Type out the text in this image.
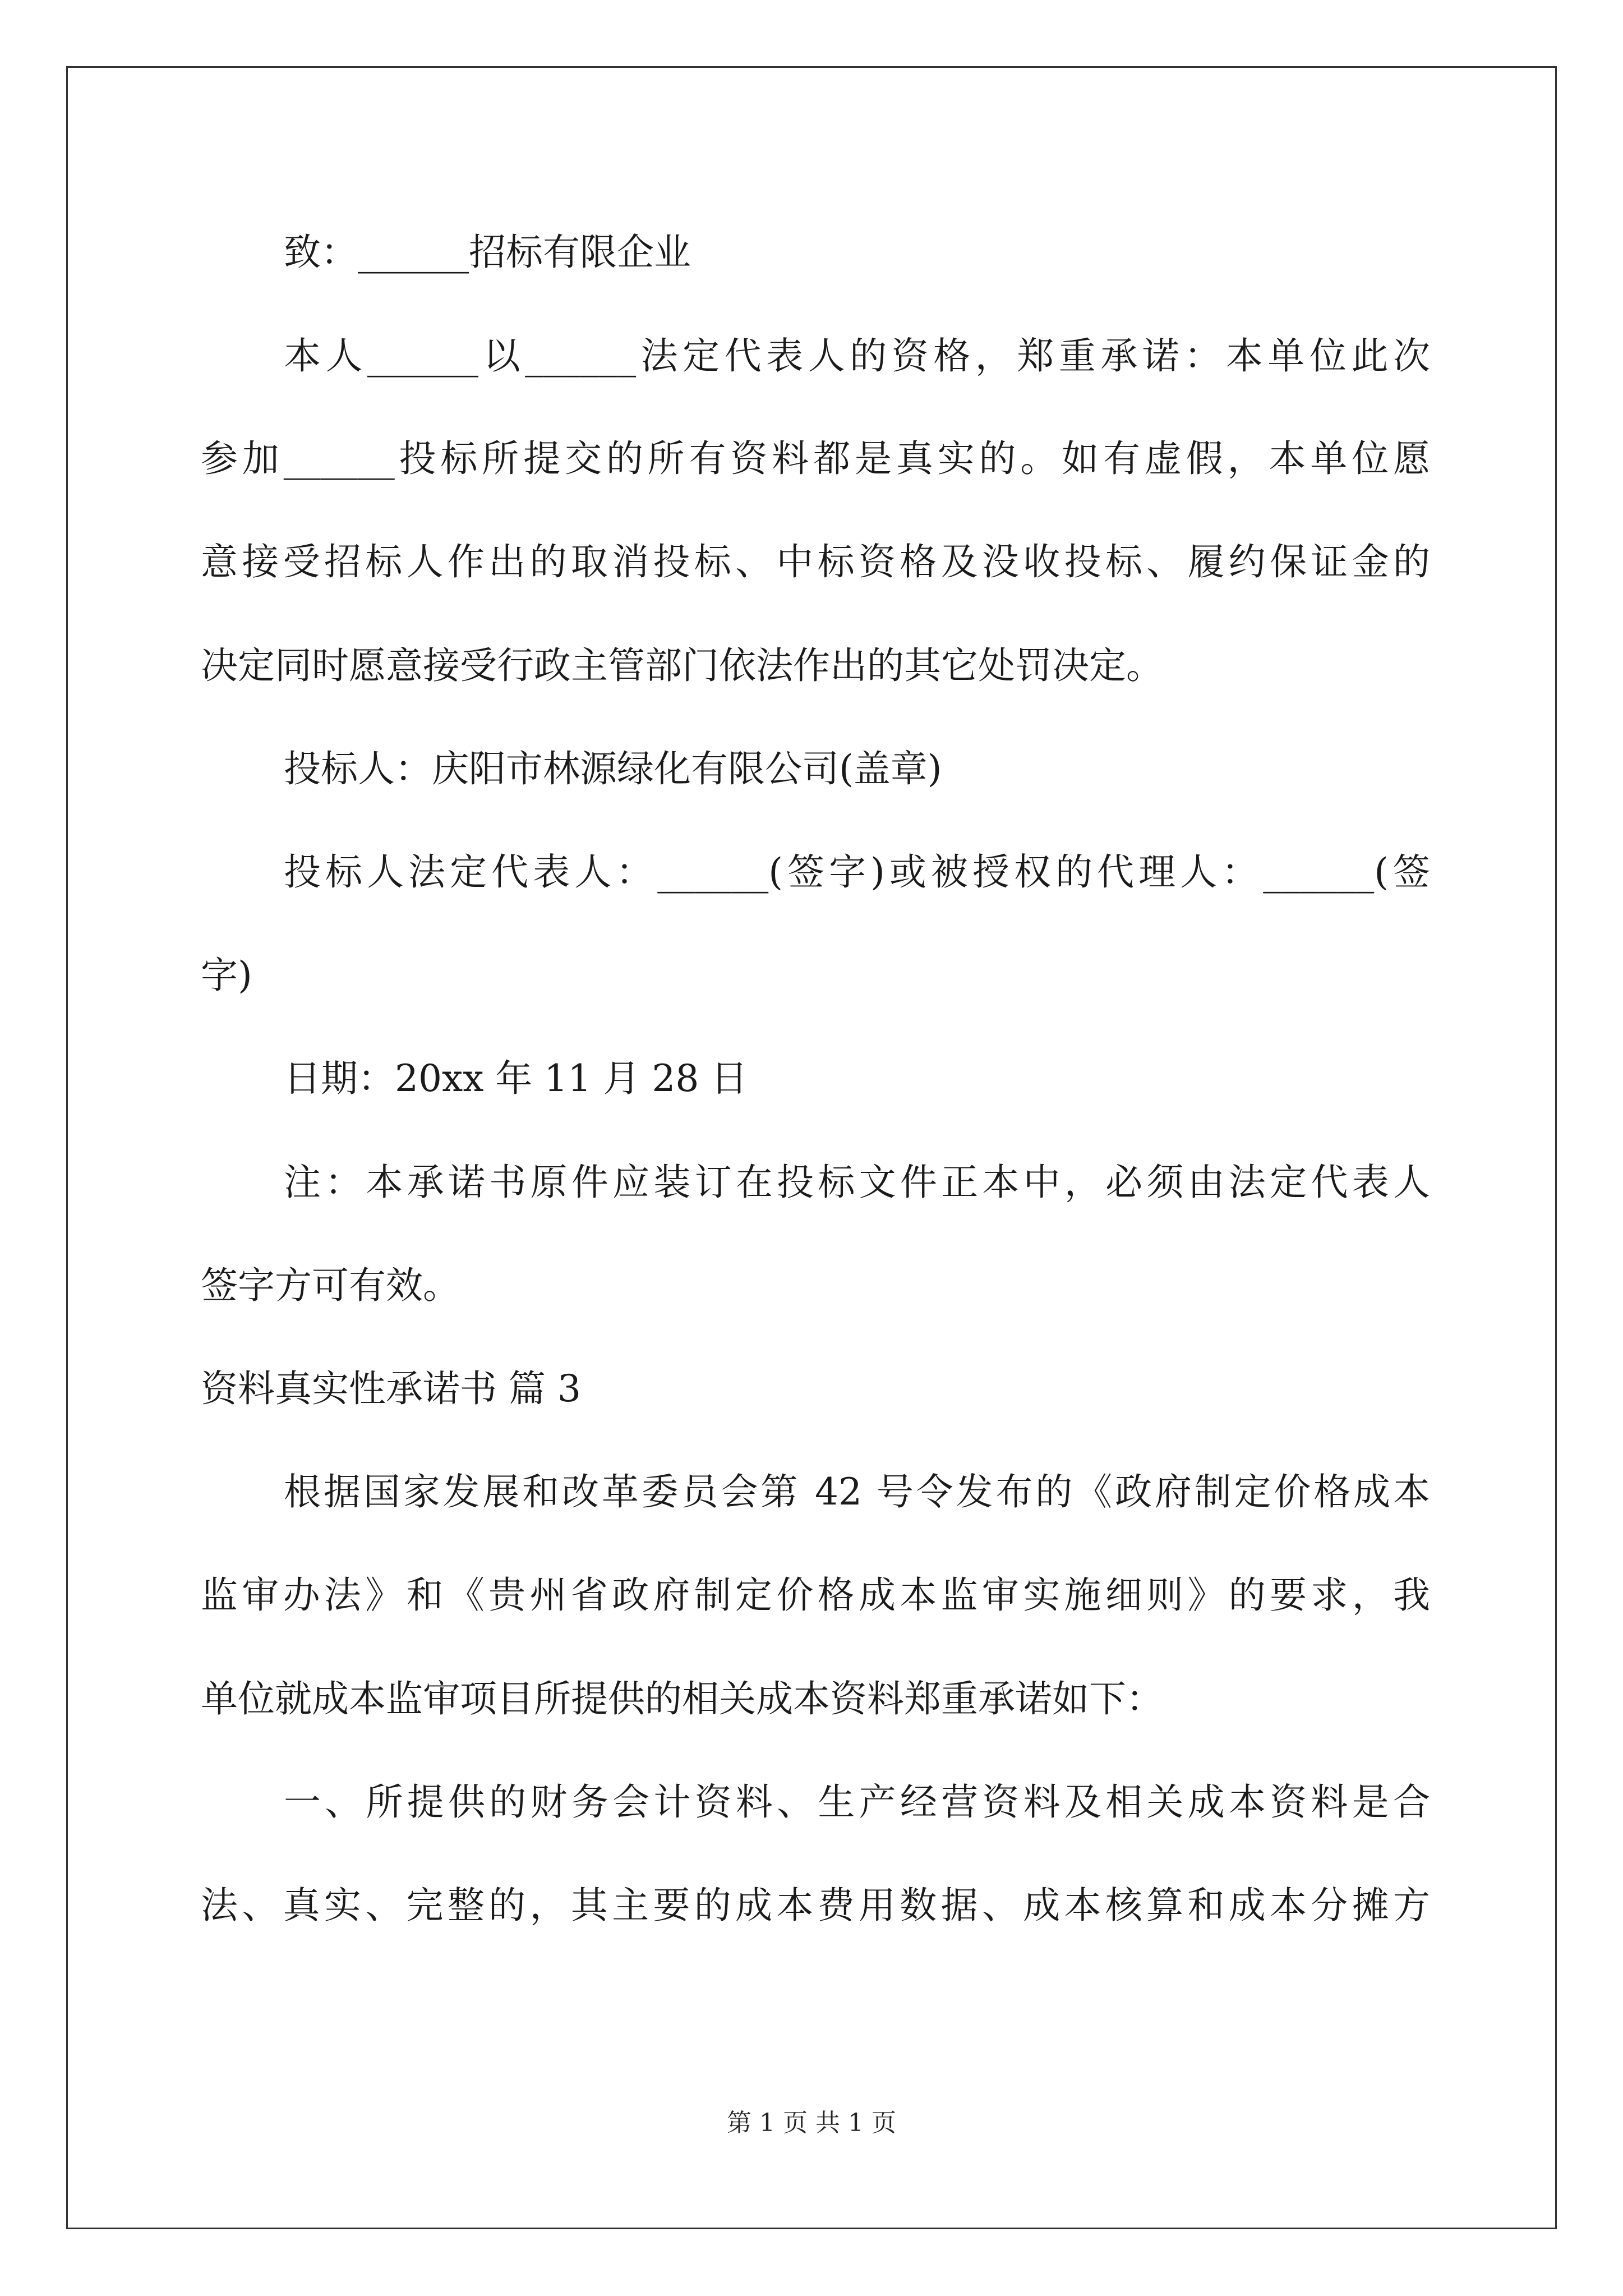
致：______招标有限企业
本人______以______法定代表人的资格，郑重承诺：本单位此次
参加______投标所提交的所有资料都是真实的。如有虚假，本单位愿
意接受招标人作出的取消投标、中标资格及没收投标、履约保证金的
决定同时愿意接受行政主管部门依法作出的其它处罚决定。
投标人：庆阳市林源绿化有限公司(盖章)
投标人法定代表人：______(签字)或被授权的代理人：______(签
字)
日期：20xx 年 11 月 28 日
注：本承诺书原件应装订在投标文件正本中，必须由法定代表人
签字方可有效。
资料真实性承诺书 篇 3
根据国家发展和改革委员会第 42 号令发布的《政府制定价格成本
监审办法》和《贵州省政府制定价格成本监审实施细则》的要求，我
单位就成本监审项目所提供的相关成本资料郑重承诺如下：
一、所提供的财务会计资料、生产经营资料及相关成本资料是合
法、真实、完整的，其主要的成本费用数据、成本核算和成本分摊方
第 1 页 共 1 页
